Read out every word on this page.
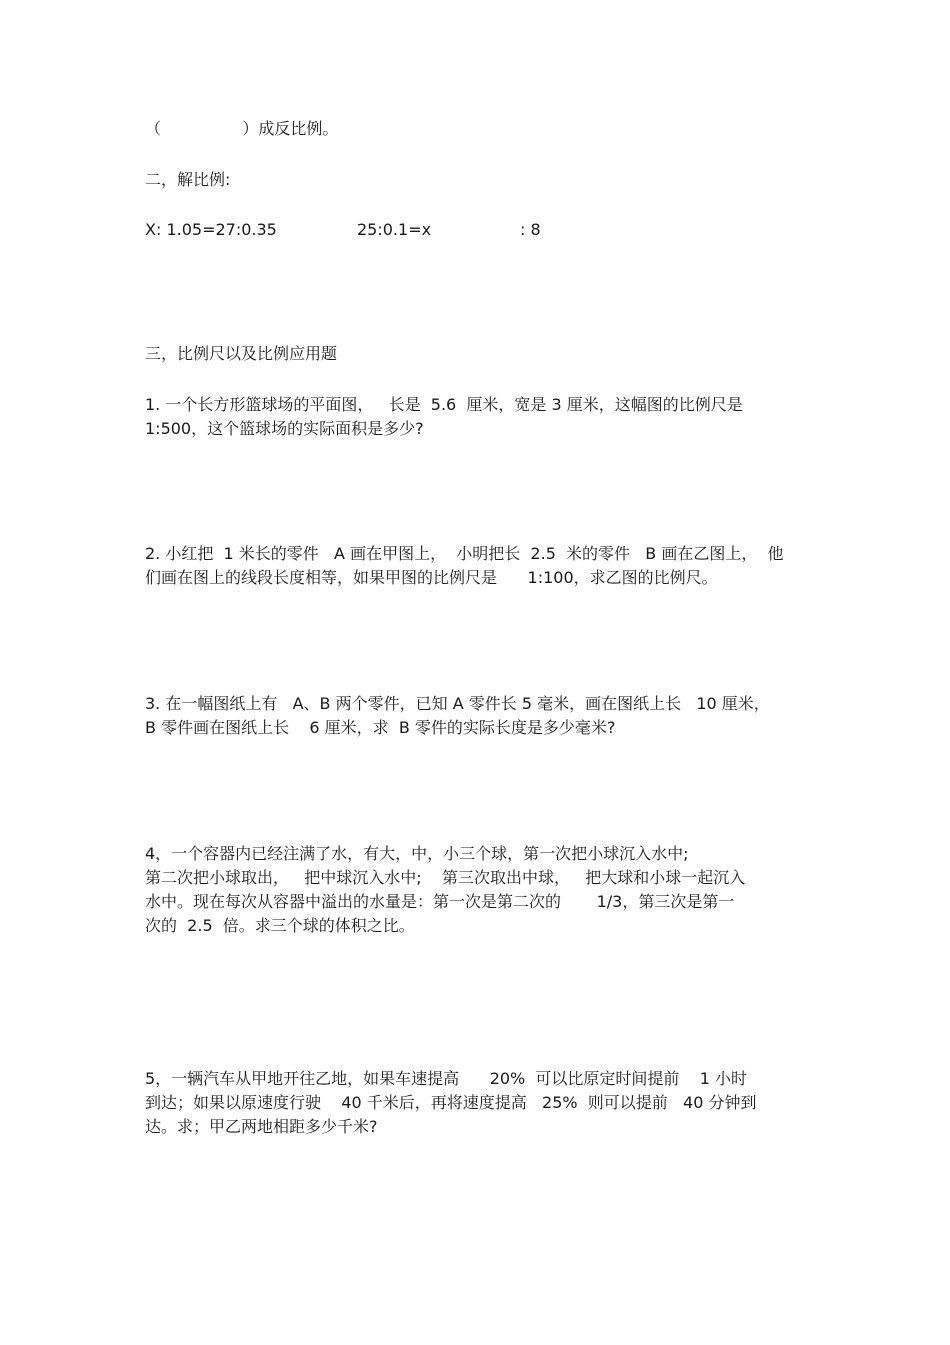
（                ）成反比例。
二，解比例:
X: 1.05=27:0.35	25:0.1=x	: 8
三，比例尺以及比例应用题
1. 一个长方形篮球场的平面图，   长是  5.6  厘米，宽是 3 厘米，这幅图的比例尺是
1:500，这个篮球场的实际面积是多少?
2. 小红把  1 米长的零件   A 画在甲图上，  小明把长  2.5  米的零件   B 画在乙图上，  他
们画在图上的线段长度相等，如果甲图的比例尺是      1:100，求乙图的比例尺。
3. 在一幅图纸上有   A、B 两个零件，已知 A 零件长 5 毫米，画在图纸上长   10 厘米，
B 零件画在图纸上长    6 厘米，求  B 零件的实际长度是多少毫米?
4，一个容器内已经注满了水，有大，中，小三个球，第一次把小球沉入水中;
第二次把小球取出，   把中球沉入水中;    第三次取出中球，   把大球和小球一起沉入
水中。现在每次从容器中溢出的水量是：第一次是第二次的       1/3，第三次是第一
次的  2.5  倍。求三个球的体积之比。
5，一辆汽车从甲地开往乙地，如果车速提高      20%  可以比原定时间提前    1 小时
到达；如果以原速度行驶    40 千米后，再将速度提高   25%  则可以提前   40 分钟到
达。求；甲乙两地相距多少千米?
